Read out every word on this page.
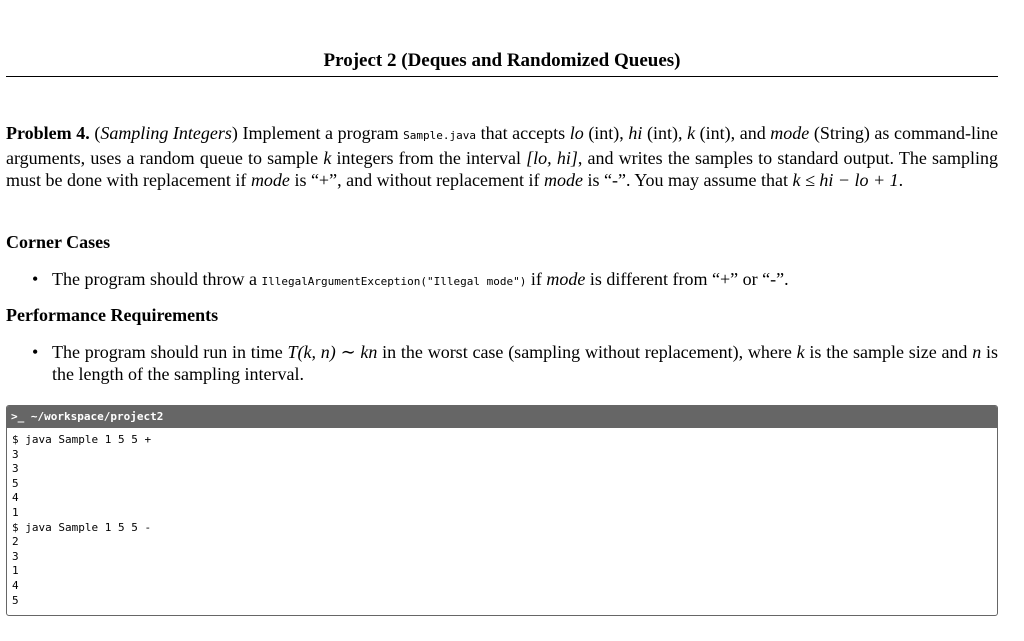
Project 2 (Deques and Randomized Queues)
Problem 4. (Sampling Integers) Implement a program Sample.java that accepts lo (int), hi (int), k (int), and mode (String) as command-line arguments, uses a random queue to sample k integers from the interval [lo, hi], and writes the samples to standard output. The sampling must be done with replacement if mode is “+”, and without replacement if mode is “-”. You may assume that k ≤ hi − lo + 1.
Corner Cases
• The program should throw a IllegalArgumentException("Illegal mode") if mode is different from “+” or “-”.
Performance Requirements
• The program should run in time T(k, n) ∼ kn in the worst case (sampling without replacement), where k is the sample size and n is the length of the sampling interval.
>_ ~/workspace/project2
$ java Sample 1 5 5 +
3
3
5
4
1
$ java Sample 1 5 5 -
2
3
1
4
5
